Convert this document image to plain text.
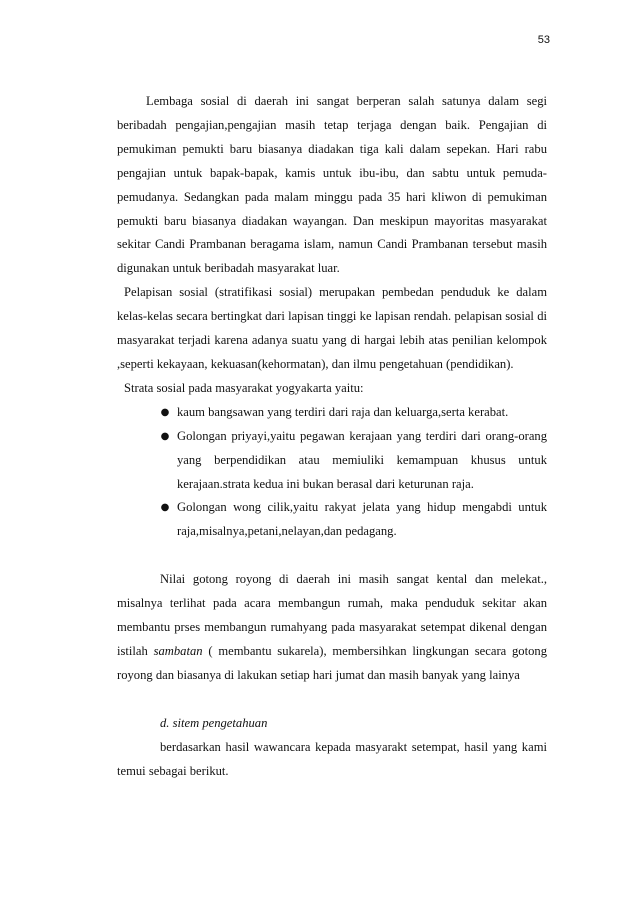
53

Lembaga sosial di daerah ini sangat berperan salah satunya dalam segi beribadah pengajian,pengajian masih tetap terjaga dengan baik. Pengajian di pemukiman pemukti baru biasanya diadakan tiga kali dalam sepekan. Hari rabu pengajian untuk bapak-bapak, kamis untuk ibu-ibu, dan sabtu untuk pemuda-pemudanya. Sedangkan pada malam minggu pada 35 hari kliwon di pemukiman pemukti baru biasanya diadakan wayangan. Dan meskipun mayoritas masyarakat sekitar Candi Prambanan beragama islam, namun Candi Prambanan tersebut masih digunakan untuk beribadah masyarakat luar.

Pelapisan sosial (stratifikasi sosial) merupakan pembedan penduduk ke dalam kelas-kelas secara bertingkat dari lapisan tinggi ke lapisan rendah. pelapisan sosial di masyarakat terjadi karena adanya suatu yang di hargai lebih atas penilian kelompok ,seperti kekayaan, kekuasan(kehormatan), dan ilmu pengetahuan (pendidikan).

Strata sosial pada masyarakat yogyakarta yaitu:

● kaum bangsawan yang terdiri dari raja dan keluarga,serta kerabat.
● Golongan priyayi,yaitu pegawan kerajaan yang terdiri dari orang-orang yang berpendidikan atau memiuliki kemampuan khusus untuk kerajaan.strata kedua ini bukan berasal dari keturunan raja.
● Golongan wong cilik,yaitu rakyat jelata yang hidup mengabdi untuk raja,misalnya,petani,nelayan,dan pedagang.

Nilai gotong royong di daerah ini masih sangat kental dan melekat., misalnya terlihat pada acara membangun rumah, maka penduduk sekitar akan membantu prses membangun rumahyang pada masyarakat setempat dikenal dengan istilah sambatan ( membantu sukarela), membersihkan lingkungan secara gotong royong dan biasanya di lakukan setiap hari jumat dan masih banyak yang lainya

d. sitem pengetahuan

berdasarkan hasil wawancara kepada masyarakt setempat, hasil yang kami temui sebagai berikut.
